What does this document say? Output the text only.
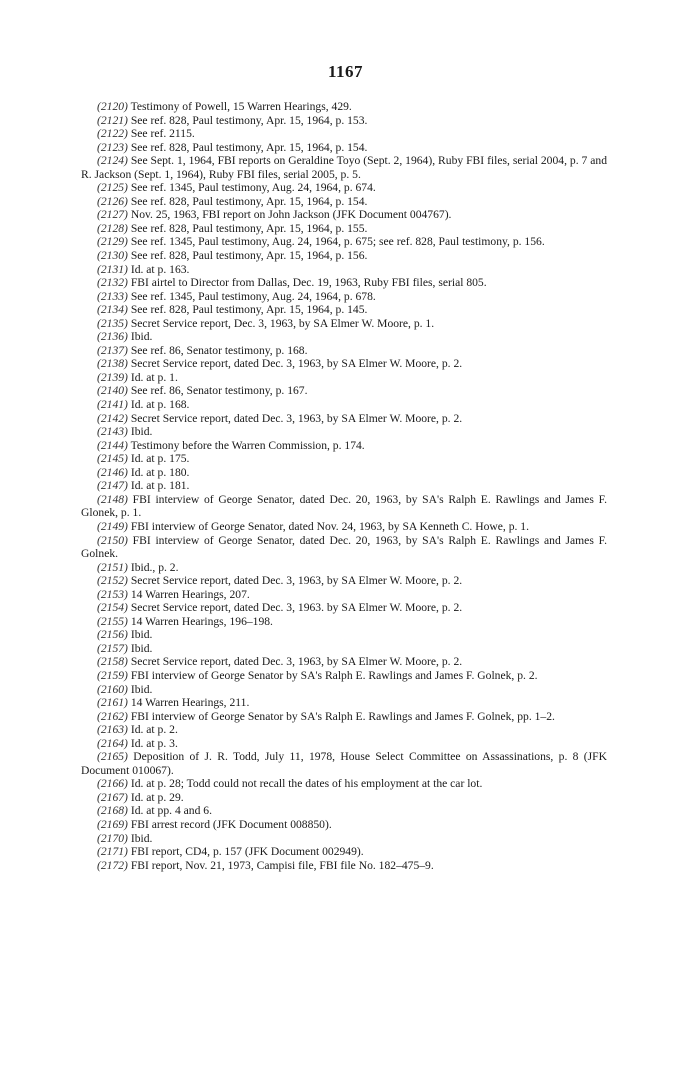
1167

(2120) Testimony of Powell, 15 Warren Hearings, 429.

(2121) See ref. 828, Paul testimony, Apr. 15, 1964, p. 153.

(2122) See ref. 2115.

(2123) See ref. 828, Paul testimony, Apr. 15, 1964, p. 154.

(2124) See Sept. 1, 1964, FBI reports on Geraldine Toyo (Sept. 2, 1964), Ruby FBI files, serial 2004, p. 7 and R. Jackson (Sept. 1, 1964), Ruby FBI files, serial 2005, p. 5.

(2125) See ref. 1345, Paul testimony, Aug. 24, 1964, p. 674.

(2126) See ref. 828, Paul testimony, Apr. 15, 1964, p. 154.

(2127) Nov. 25, 1963, FBI report on John Jackson (JFK Document 004767).

(2128) See ref. 828, Paul testimony, Apr. 15, 1964, p. 155.

(2129) See ref. 1345, Paul testimony, Aug. 24, 1964, p. 675; see ref. 828, Paul testimony, p. 156.

(2130) See ref. 828, Paul testimony, Apr. 15, 1964, p. 156.

(2131) Id. at p. 163.

(2132) FBI airtel to Director from Dallas, Dec. 19, 1963, Ruby FBI files, serial 805.

(2133) See ref. 1345, Paul testimony, Aug. 24, 1964, p. 678.

(2134) See ref. 828, Paul testimony, Apr. 15, 1964, p. 145.

(2135) Secret Service report, Dec. 3, 1963, by SA Elmer W. Moore, p. 1.

(2136) Ibid.

(2137) See ref. 86, Senator testimony, p. 168.

(2138) Secret Service report, dated Dec. 3, 1963, by SA Elmer W. Moore, p. 2.

(2139) Id. at p. 1.

(2140) See ref. 86, Senator testimony, p. 167.

(2141) Id. at p. 168.

(2142) Secret Service report, dated Dec. 3, 1963, by SA Elmer W. Moore, p. 2.

(2143) Ibid.

(2144) Testimony before the Warren Commission, p. 174.

(2145) Id. at p. 175.

(2146) Id. at p. 180.

(2147) Id. at p. 181.

(2148) FBI interview of George Senator, dated Dec. 20, 1963, by SA's Ralph E. Rawlings and James F. Glonek, p. 1.

(2149) FBI interview of George Senator, dated Nov. 24, 1963, by SA Kenneth C. Howe, p. 1.

(2150) FBI interview of George Senator, dated Dec. 20, 1963, by SA's Ralph E. Rawlings and James F. Golnek.

(2151) Ibid., p. 2.

(2152) Secret Service report, dated Dec. 3, 1963, by SA Elmer W. Moore, p. 2.

(2153) 14 Warren Hearings, 207.

(2154) Secret Service report, dated Dec. 3, 1963. by SA Elmer W. Moore, p. 2.

(2155) 14 Warren Hearings, 196–198.

(2156) Ibid.

(2157) Ibid.

(2158) Secret Service report, dated Dec. 3, 1963, by SA Elmer W. Moore, p. 2.

(2159) FBI interview of George Senator by SA's Ralph E. Rawlings and James F. Golnek, p. 2.

(2160) Ibid.

(2161) 14 Warren Hearings, 211.

(2162) FBI interview of George Senator by SA's Ralph E. Rawlings and James F. Golnek, pp. 1–2.

(2163) Id. at p. 2.

(2164) Id. at p. 3.

(2165) Deposition of J. R. Todd, July 11, 1978, House Select Committee on Assassinations, p. 8 (JFK Document 010067).

(2166) Id. at p. 28; Todd could not recall the dates of his employment at the car lot.

(2167) Id. at p. 29.

(2168) Id. at pp. 4 and 6.

(2169) FBI arrest record (JFK Document 008850).

(2170) Ibid.

(2171) FBI report, CD4, p. 157 (JFK Document 002949).

(2172) FBI report, Nov. 21, 1973, Campisi file, FBI file No. 182–475–9.
